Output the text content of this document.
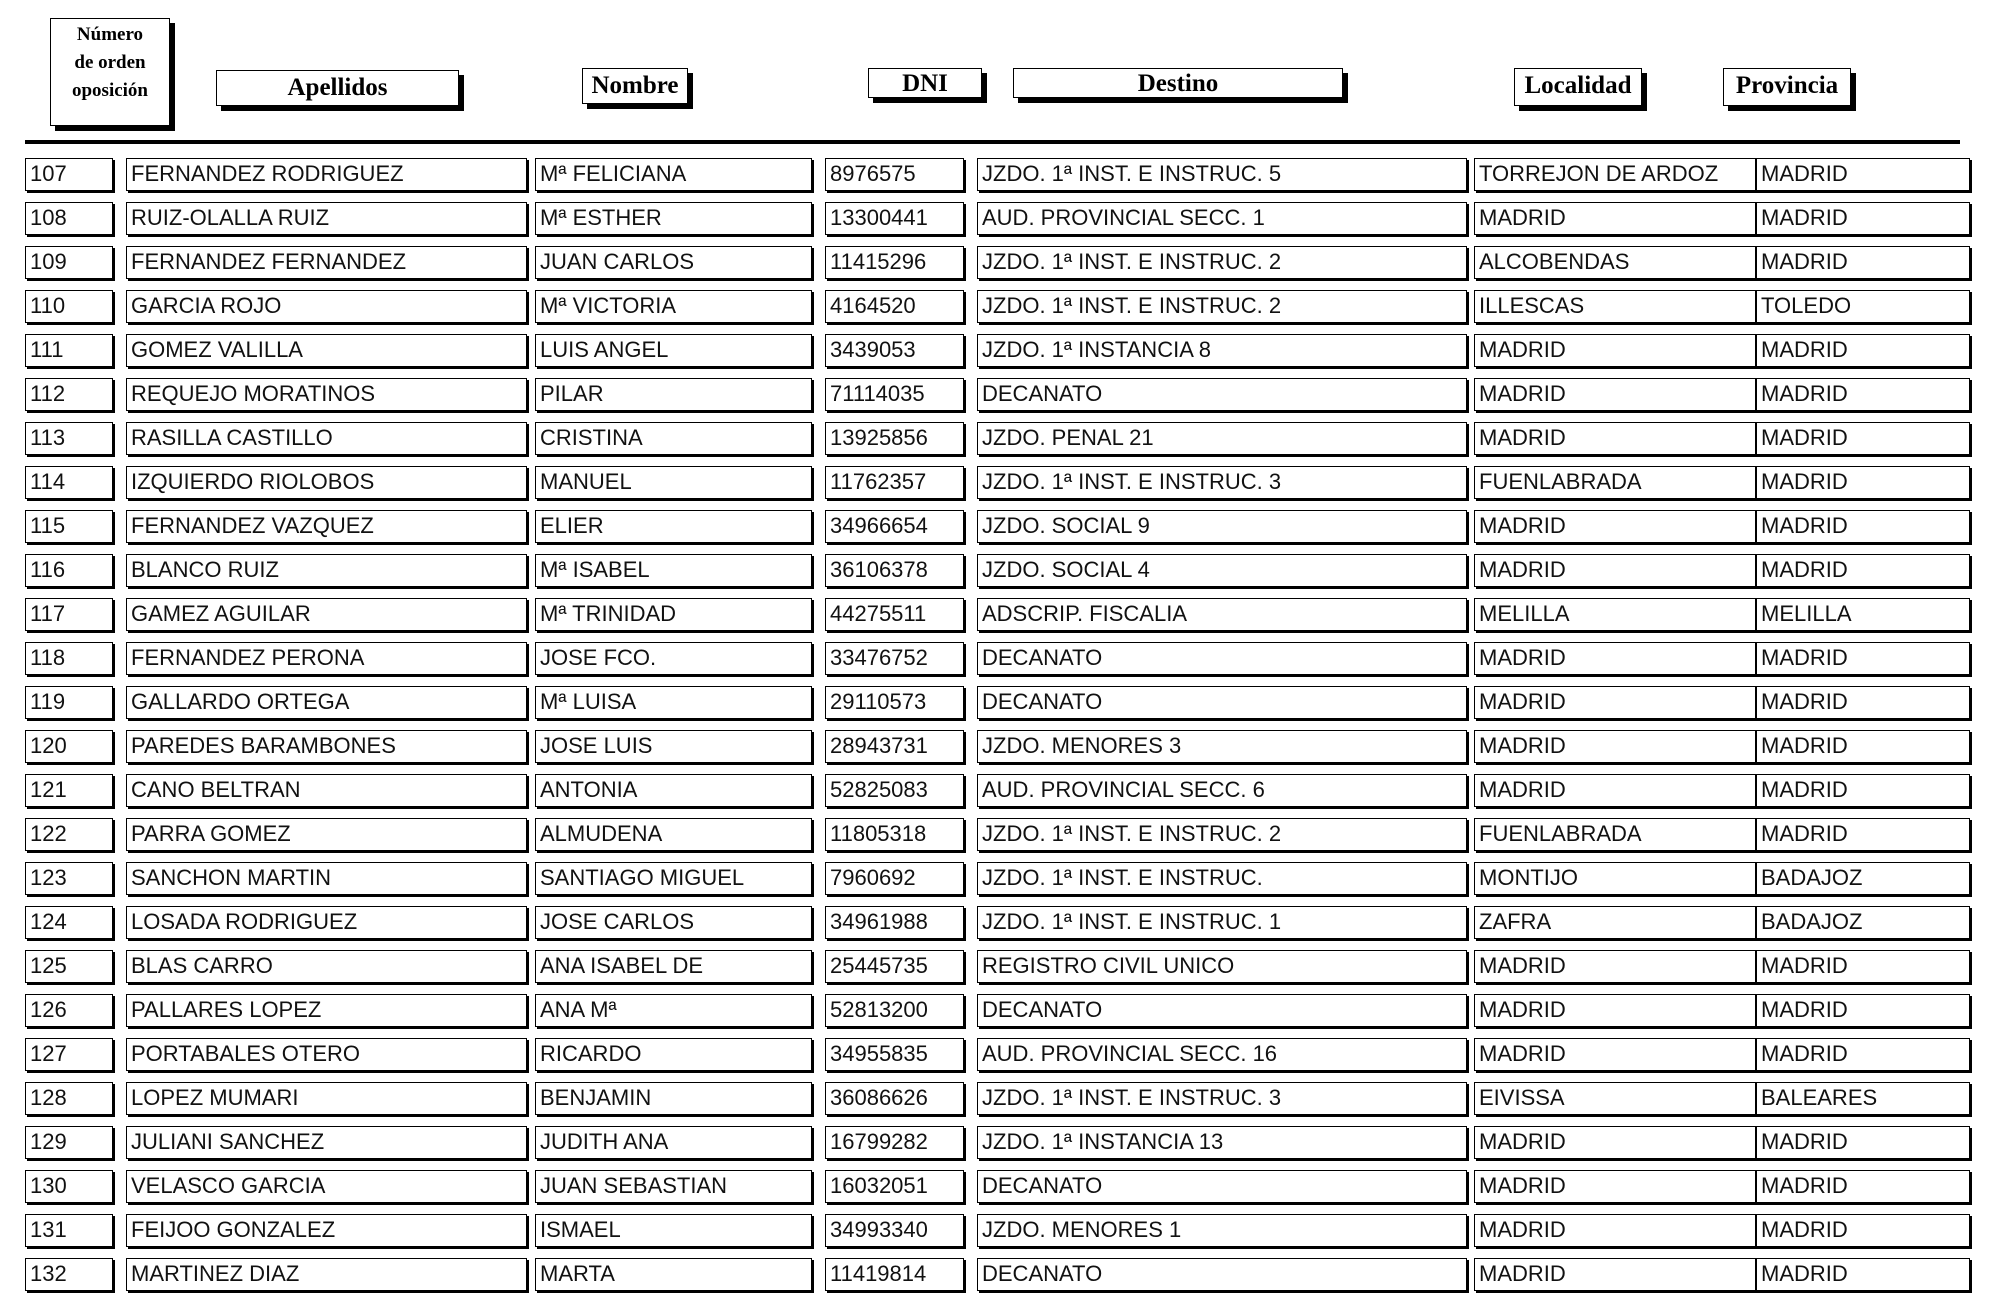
Número
de orden
oposición	Apellidos	Nombre	DNI	Destino	Localidad	Provincia
107	FERNANDEZ RODRIGUEZ	Mª FELICIANA	8976575	JZDO. 1ª INST. E INSTRUC. 5	TORREJON DE ARDOZ	MADRID
108	RUIZ-OLALLA RUIZ	Mª ESTHER	13300441	AUD. PROVINCIAL SECC. 1	MADRID	MADRID
109	FERNANDEZ FERNANDEZ	JUAN CARLOS	11415296	JZDO. 1ª INST. E INSTRUC. 2	ALCOBENDAS	MADRID
110	GARCIA ROJO	Mª VICTORIA	4164520	JZDO. 1ª INST. E INSTRUC. 2	ILLESCAS	TOLEDO
111	GOMEZ VALILLA	LUIS ANGEL	3439053	JZDO. 1ª INSTANCIA 8	MADRID	MADRID
112	REQUEJO MORATINOS	PILAR	71114035	DECANATO	MADRID	MADRID
113	RASILLA CASTILLO	CRISTINA	13925856	JZDO. PENAL 21	MADRID	MADRID
114	IZQUIERDO RIOLOBOS	MANUEL	11762357	JZDO. 1ª INST. E INSTRUC. 3	FUENLABRADA	MADRID
115	FERNANDEZ VAZQUEZ	ELIER	34966654	JZDO. SOCIAL 9	MADRID	MADRID
116	BLANCO RUIZ	Mª ISABEL	36106378	JZDO. SOCIAL 4	MADRID	MADRID
117	GAMEZ AGUILAR	Mª TRINIDAD	44275511	ADSCRIP. FISCALIA	MELILLA	MELILLA
118	FERNANDEZ PERONA	JOSE FCO.	33476752	DECANATO	MADRID	MADRID
119	GALLARDO ORTEGA	Mª LUISA	29110573	DECANATO	MADRID	MADRID
120	PAREDES BARAMBONES	JOSE LUIS	28943731	JZDO. MENORES 3	MADRID	MADRID
121	CANO BELTRAN	ANTONIA	52825083	AUD. PROVINCIAL SECC. 6	MADRID	MADRID
122	PARRA GOMEZ	ALMUDENA	11805318	JZDO. 1ª INST. E INSTRUC. 2	FUENLABRADA	MADRID
123	SANCHON MARTIN	SANTIAGO MIGUEL	7960692	JZDO. 1ª INST. E INSTRUC.	MONTIJO	BADAJOZ
124	LOSADA RODRIGUEZ	JOSE CARLOS	34961988	JZDO. 1ª INST. E INSTRUC. 1	ZAFRA	BADAJOZ
125	BLAS CARRO	ANA ISABEL DE	25445735	REGISTRO CIVIL UNICO	MADRID	MADRID
126	PALLARES LOPEZ	ANA Mª	52813200	DECANATO	MADRID	MADRID
127	PORTABALES OTERO	RICARDO	34955835	AUD. PROVINCIAL SECC. 16	MADRID	MADRID
128	LOPEZ MUMARI	BENJAMIN	36086626	JZDO. 1ª INST. E INSTRUC. 3	EIVISSA	BALEARES
129	JULIANI SANCHEZ	JUDITH ANA	16799282	JZDO. 1ª INSTANCIA 13	MADRID	MADRID
130	VELASCO GARCIA	JUAN SEBASTIAN	16032051	DECANATO	MADRID	MADRID
131	FEIJOO GONZALEZ	ISMAEL	34993340	JZDO. MENORES 1	MADRID	MADRID
132	MARTINEZ DIAZ	MARTA	11419814	DECANATO	MADRID	MADRID
